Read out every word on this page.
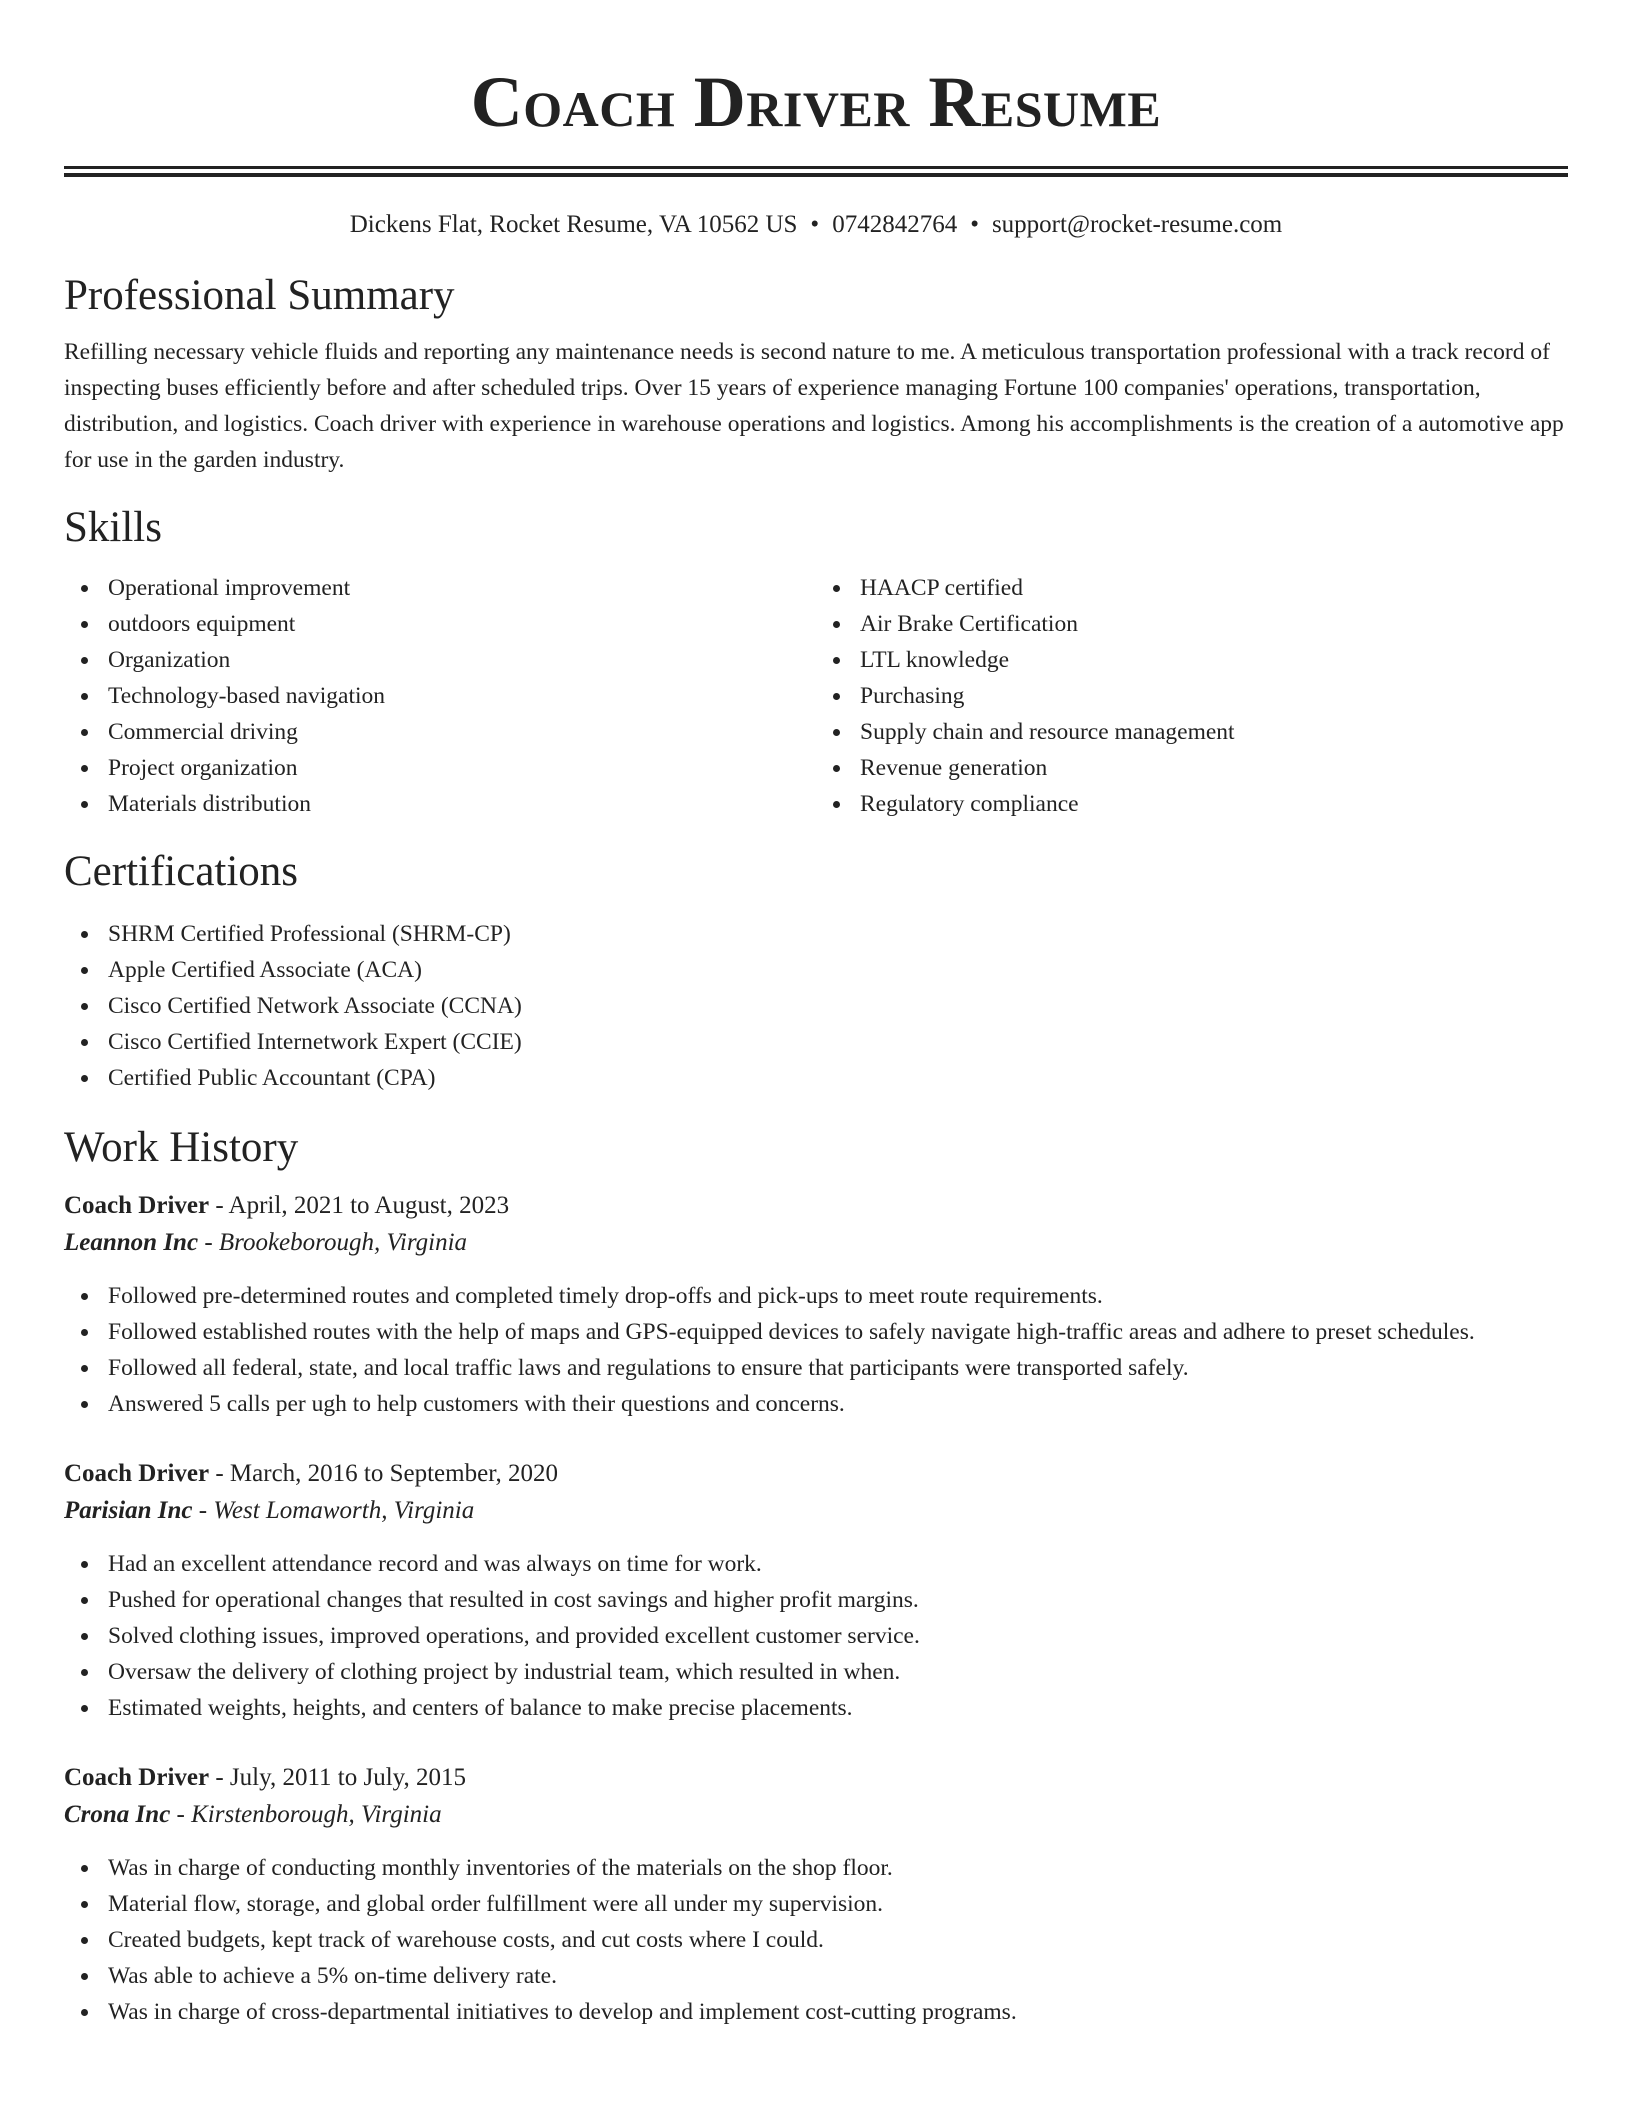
Coach Driver Resume
Dickens Flat, Rocket Resume, VA 10562 US • 0742842764 • support@rocket-resume.com
Professional Summary

Refilling necessary vehicle fluids and reporting any maintenance needs is second nature to me. A meticulous transportation professional with a track record of inspecting buses efficiently before and after scheduled trips. Over 15 years of experience managing Fortune 100 companies' operations, transportation, distribution, and logistics. Coach driver with experience in warehouse operations and logistics. Among his accomplishments is the creation of a automotive app for use in the garden industry.

Skills
Operational improvement
outdoors equipment
Organization
Technology-based navigation
Commercial driving
Project organization
Materials distribution
HAACP certified
Air Brake Certification
LTL knowledge
Purchasing
Supply chain and resource management
Revenue generation
Regulatory compliance
Certifications
SHRM Certified Professional (SHRM-CP)
Apple Certified Associate (ACA)
Cisco Certified Network Associate (CCNA)
Cisco Certified Internetwork Expert (CCIE)
Certified Public Accountant (CPA)
Work History
Coach Driver - April, 2021 to August, 2023
Leannon Inc - Brookeborough, Virginia
Followed pre-determined routes and completed timely drop-offs and pick-ups to meet route requirements.
Followed established routes with the help of maps and GPS-equipped devices to safely navigate high-traffic areas and adhere to preset schedules.
Followed all federal, state, and local traffic laws and regulations to ensure that participants were transported safely.
Answered 5 calls per ugh to help customers with their questions and concerns.
Coach Driver - March, 2016 to September, 2020
Parisian Inc - West Lomaworth, Virginia
Had an excellent attendance record and was always on time for work.
Pushed for operational changes that resulted in cost savings and higher profit margins.
Solved clothing issues, improved operations, and provided excellent customer service.
Oversaw the delivery of clothing project by industrial team, which resulted in when.
Estimated weights, heights, and centers of balance to make precise placements.
Coach Driver - July, 2011 to July, 2015
Crona Inc - Kirstenborough, Virginia
Was in charge of conducting monthly inventories of the materials on the shop floor.
Material flow, storage, and global order fulfillment were all under my supervision.
Created budgets, kept track of warehouse costs, and cut costs where I could.
Was able to achieve a 5% on-time delivery rate.
Was in charge of cross-departmental initiatives to develop and implement cost-cutting programs.
